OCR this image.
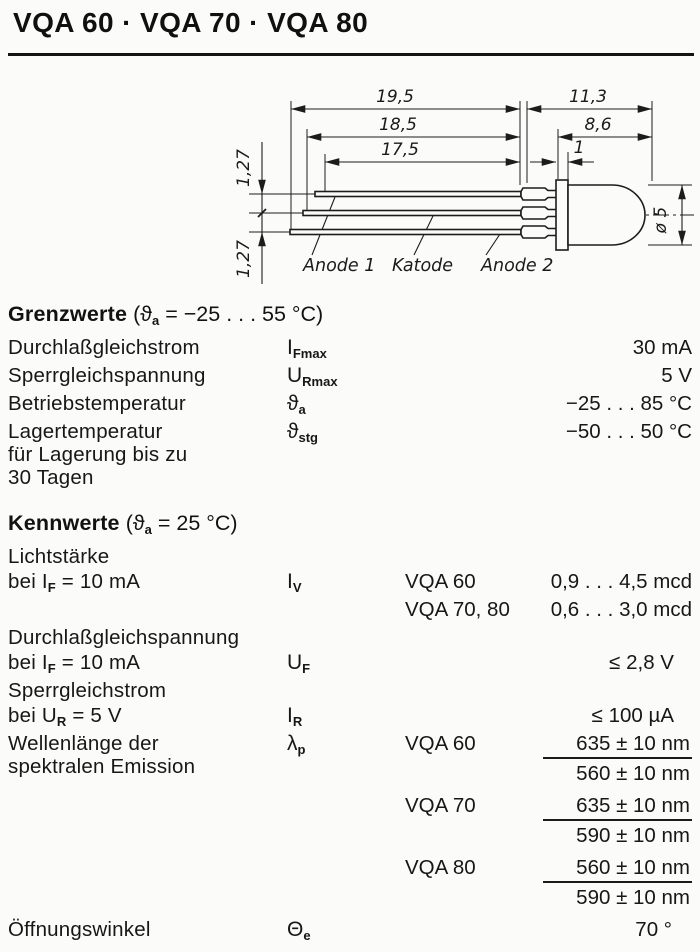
VQA 60 · VQA 70 · VQA 80
19,5	11,3
18,5	8,6
17,5	1
1,27
1,27
ø 5
Anode 1 Katode Anode 2
Grenzwerte ($ϑ_a = -25$ . . . 55 °C)
Durchlaßgleichstrom	$I_{Fmax}$	30 mA
Sperrgleichspannung	$U_{Rmax}$	5 V
Betriebstemperatur	$ϑ_a$	−25 . . . 85 °C
Lagertemperatur
für Lagerung bis zu
30 Tagen
$ϑ_{stg}$	−50 . . . 50 °C
Kennwerte ($ϑ_a = 25$ °C)
Lichtstärke
bei $I_F = 10$ mA	$I_V$	VQA 60	0,9 . . . 4,5 mcd
VQA 70, 80	0,6 . . . 3,0 mcd
Durchlaßgleichspannung
bei $I_F = 10$ mA	$U_F$	≤ 2,8 V
Sperrgleichstrom
bei $U_R = 5$ V	$I_R$	≤ 100 µA
Wellenlänge der
spektralen Emission
$\lambda_p$	VQA 60	$\frac{635 \pm 10 nm}{560 \pm 10 nm}$
VQA 70	$\frac{635 \pm 10 nm}{590 \pm 10 nm}$
VQA 80	$\frac{560 \pm 10 nm}{590 \pm 10 nm}$
Öffnungswinkel	$\Theta_e$	70 °
